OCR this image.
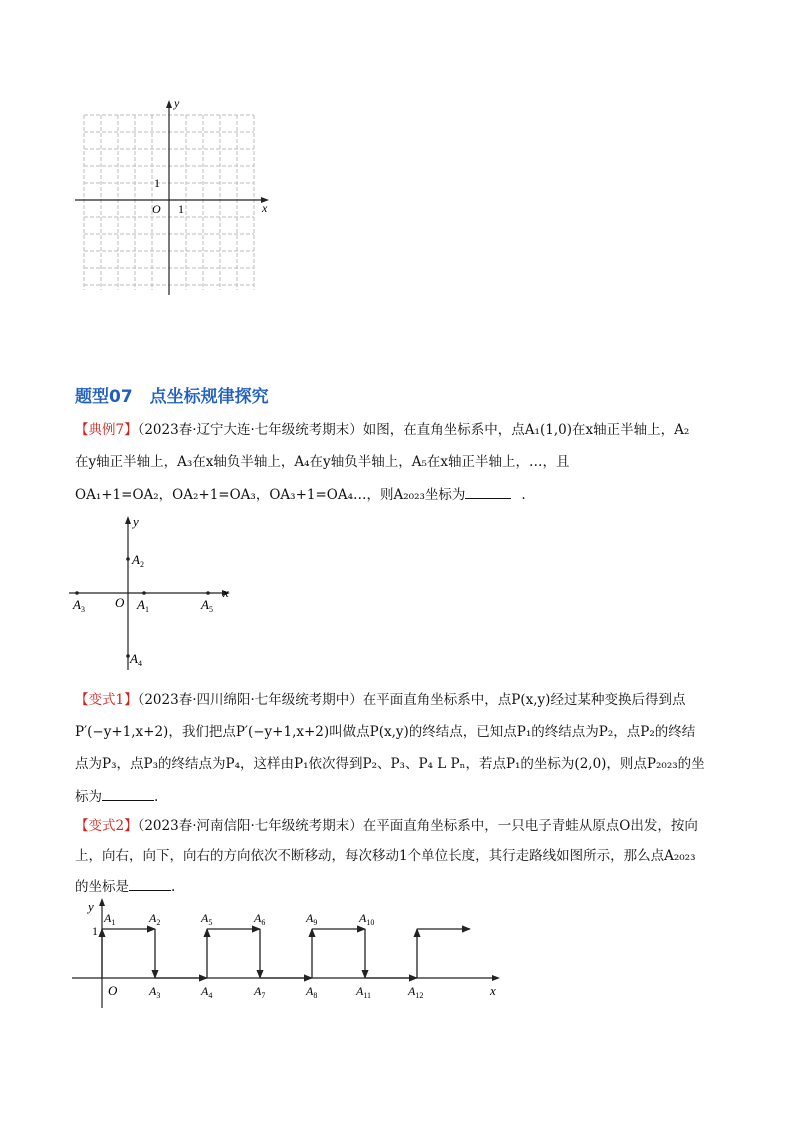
y
x
O 1
1
题型07　点坐标规律探究
【典例7】（2023春·辽宁大连·七年级统考期末）如图，在直角坐标系中，点A₁(1,0)在x轴正半轴上，A₂
在y轴正半轴上，A₃在x轴负半轴上，A₄在y轴负半轴上，A₅在x轴正半轴上，…，且
OA₁+1=OA₂，OA₂+1=OA₃，OA₃+1=OA₄…，则A₂₀₂₃坐标为	.
y
x
O $A_1$
$A_2$
$A_3$
$A_4$
$A_5$
【变式1】（2023春·四川绵阳·七年级统考期中）在平面直角坐标系中，点P(x,y)经过某种变换后得到点
P′(−y+1,x+2)，我们把点P′(−y+1,x+2)叫做点P(x,y)的终结点，已知点P₁的终结点为P₂，点P₂的终结
点为P₃，点P₃的终结点为P₄，这样由P₁依次得到P₂、P₃、P₄ L Pₙ，若点P₁的坐标为(2,0)，则点P₂₀₂₃的坐
标为	.
【变式2】（2023春·河南信阳·七年级统考期末）在平面直角坐标系中，一只电子青蛙从原点O出发，按向
上，向右，向下，向右的方向依次不断移动，每次移动1个单位长度，其行走路线如图所示，那么点A₂₀₂₃
的坐标是	.
y
x
O
1
$A_1$	$A_2$	$A_5$	$A_6$	$A_9$	$A_{10}$
$A_3$	$A_4$	$A_7$	$A_8$	$A_{11}$	$A_{12}$
